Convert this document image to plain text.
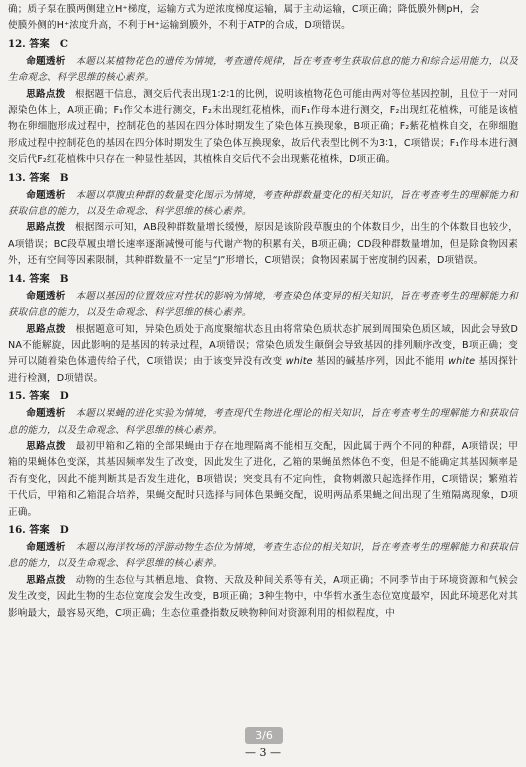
确；质子泵在膜两侧建立H⁺梯度，运输方式为逆浓度梯度运输，属于主动运输，C项正确；降低膜外侧pH，会

使膜外侧的H⁺浓度升高，不利于H⁺运输到膜外，不利于ATP的合成，D项错误。

12. 答案　C

命题透析　 本题以某植物花色的遗传为情境，考查遗传规律，旨在考查考生获取信息的能力和综合运用能力，以及生命观念、科学思维的核心素养。

思路点拨　 根据题干信息，测交后代表出现1∶2∶1的比例，说明该植物花色可能由两对等位基因控制，且位于一对同源染色体上，A项正确；F₁作父本进行测交，F₂未出现红花植株，而F₁作母本进行测交，F₂出现红花植株，可能是该植物在卵细胞形成过程中，控制花色的基因在四分体时期发生了染色体互换现象，B项正确；F₂紫花植株自交，在卵细胞形成过程中控制花色的基因在四分体时期发生了染色体互换现象，故后代表型比例不为3∶1，C项错误；F₁作母本进行测交后代F₂红花植株中只存在一种显性基因，其植株自交后代不会出现紫花植株，D项正确。

13. 答案　B

命题透析　 本题以草腹虫种群的数量变化图示为情境，考查种群数量变化的相关知识，旨在考查考生的理解能力和获取信息的能力，以及生命观念、科学思维的核心素养。

思路点拨　 根据图示可知，AB段种群数量增长缓慢，原因是该阶段草腹虫的个体数目少，出生的个体数目也较少，A项错误；BC段草履虫增长速率逐渐减慢可能与代谢产物的积累有关，B项正确；CD段种群数量增加，但是除食物因素外，还有空间等因素限制，其种群数量不一定呈“J”形增长，C项错误；食物因素属于密度制约因素，D项错误。

14. 答案　B

命题透析　 本题以基因的位置效应对性状的影响为情境，考查染色体变异的相关知识，旨在考查考生的理解能力和获取信息的能力，以及生命观念、科学思维的核心素养。

思路点拨　 根据题意可知，异染色质处于高度聚缩状态且由将常染色质状态扩展到周围染色质区域，因此会导致DNA不能解旋，因此影响的是基因的转录过程，A项错误；常染色质发生颠倒会导致基因的排列顺序改变，B项正确；变异可以随着染色体遗传给子代，C项错误；由于该变异没有改变 white 基因的碱基序列，因此不能用 white 基因探针进行检测，D项错误。

15. 答案　D

命题透析　 本题以果蝇的进化实验为情境，考查现代生物进化理论的相关知识，旨在考查考生的理解能力和获取信息的能力，以及生命观念、科学思维的核心素养。

思路点拨　 最初甲箱和乙箱的全部果蝇由于存在地理隔离不能相互交配，因此属于两个不同的种群，A项错误；甲箱的果蝇体色变深，其基因频率发生了改变，因此发生了进化，乙箱的果蝇虽然体色不变，但是不能确定其基因频率是否有变化，因此不能判断其是否发生进化，B项错误；突变具有不定向性，食物刺激只起选择作用，C项错误；繁殖若干代后，甲箱和乙箱混合培养，果蝇交配时只选择与同体色果蝇交配，说明两品系果蝇之间出现了生殖隔离现象，D项正确。

16. 答案　D

命题透析　 本题以海洋牧场的浮游动物生态位为情境，考查生态位的相关知识，旨在考查考生的理解能力和获取信息的能力，以及生命观念、科学思维的核心素养。

思路点拨　 动物的生态位与其栖息地、食物、天敌及种间关系等有关，A项正确；不同季节由于环境资源和气候会发生改变，因此生物的生态位宽度会发生改变，B项正确；3种生物中，中华哲水蚤生态位宽度最窄，因此环境恶化对其影响最大，最容易灭绝，C项正确；生态位重叠指数反映物种间对资源利用的相似程度，中

3/6
— 3 —
